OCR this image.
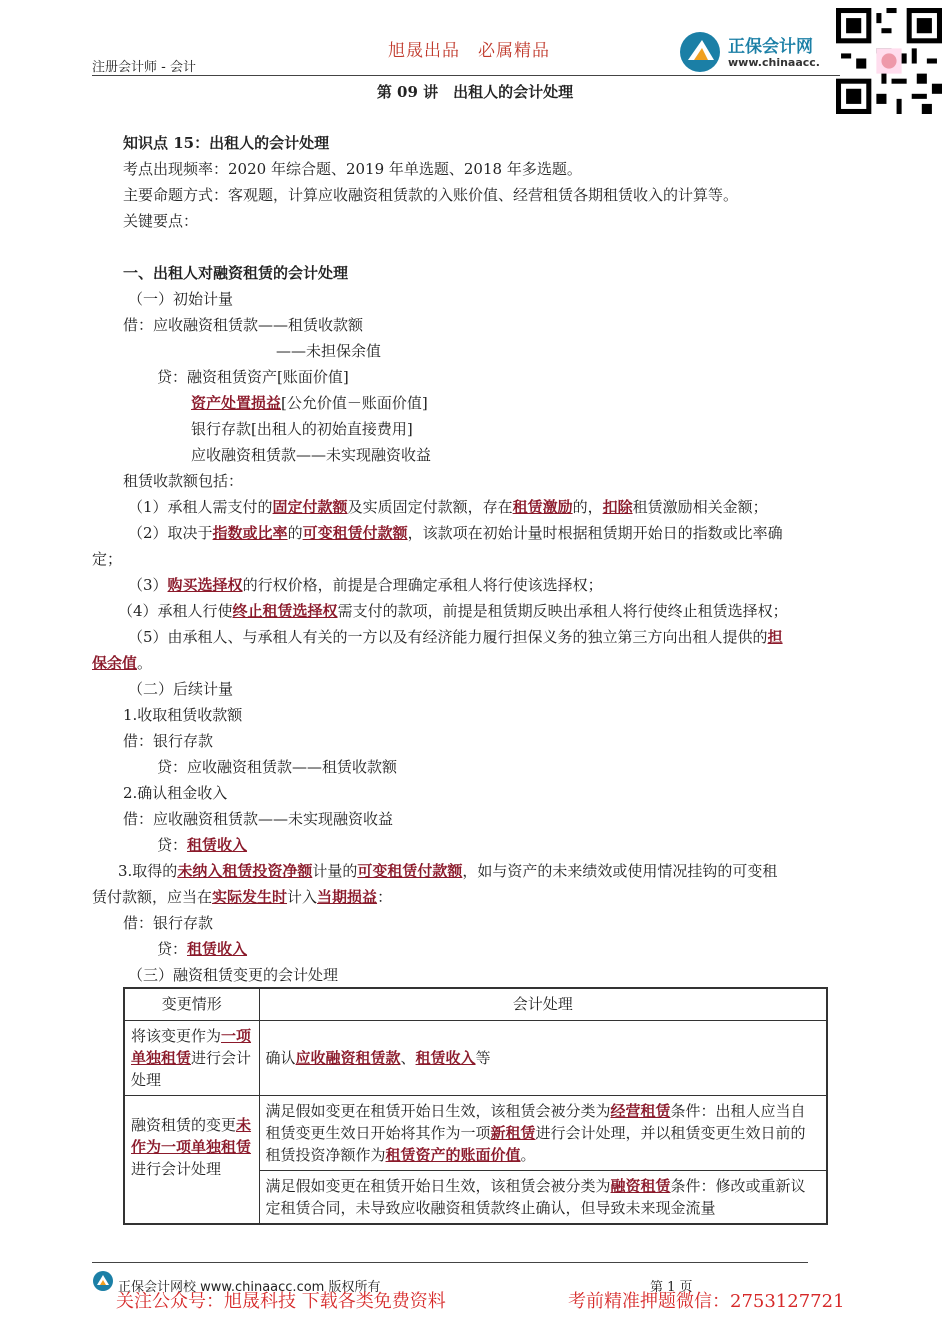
旭晟出品　必属精品
注册会计师 - 会计
正保会计网
www.chinaacc.
第 09 讲　出租人的会计处理
知识点 15：出租人的会计处理
考点出现频率：2020 年综合题、2019 年单选题、2018 年多选题。
主要命题方式：客观题，计算应收融资租赁款的入账价值、经营租赁各期租赁收入的计算等。
关键要点：
一、出租人对融资租赁的会计处理
（一）初始计量
借：应收融资租赁款——租赁收款额
——未担保余值
贷：融资租赁资产[账面价值]
资产处置损益[公允价值－账面价值]
银行存款[出租人的初始直接费用]
应收融资租赁款——未实现融资收益
租赁收款额包括：
（1）承租人需支付的固定付款额及实质固定付款额，存在租赁激励的，扣除租赁激励相关金额；
（2）取决于指数或比率的可变租赁付款额，该款项在初始计量时根据租赁期开始日的指数或比率确
定；
（3）购买选择权的行权价格，前提是合理确定承租人将行使该选择权；
（4）承租人行使终止租赁选择权需支付的款项，前提是租赁期反映出承租人将行使终止租赁选择权；
（5）由承租人、与承租人有关的一方以及有经济能力履行担保义务的独立第三方向出租人提供的担
保余值。
（二）后续计量
1.收取租赁收款额
借：银行存款
贷：应收融资租赁款——租赁收款额
2.确认租金收入
借：应收融资租赁款——未实现融资收益
贷：租赁收入
3.取得的未纳入租赁投资净额计量的可变租赁付款额，如与资产的未来绩效或使用情况挂钩的可变租
赁付款额，应当在实际发生时计入当期损益：
借：银行存款
贷：租赁收入
（三）融资租赁变更的会计处理
变更情形	会计处理
将该变更作为一项单独租赁进行会计处理	确认应收融资租赁款、租赁收入等
融资租赁的变更未作为一项单独租赁进行会计处理	满足假如变更在租赁开始日生效，该租赁会被分类为经营租赁条件：出租人应当自租赁变更生效日开始将其作为一项新租赁进行会计处理，并以租赁变更生效日前的租赁投资净额作为租赁资产的账面价值。
	满足假如变更在租赁开始日生效，该租赁会被分类为融资租赁条件：修改或重新议定租赁合同，未导致应收融资租赁款终止确认，但导致未来现金流量
正保会计网校 www.chinaacc.com 版权所有	第 1 页
关注公众号：旭晟科技 下载各类免费资料	考前精准押题微信：2753127721
